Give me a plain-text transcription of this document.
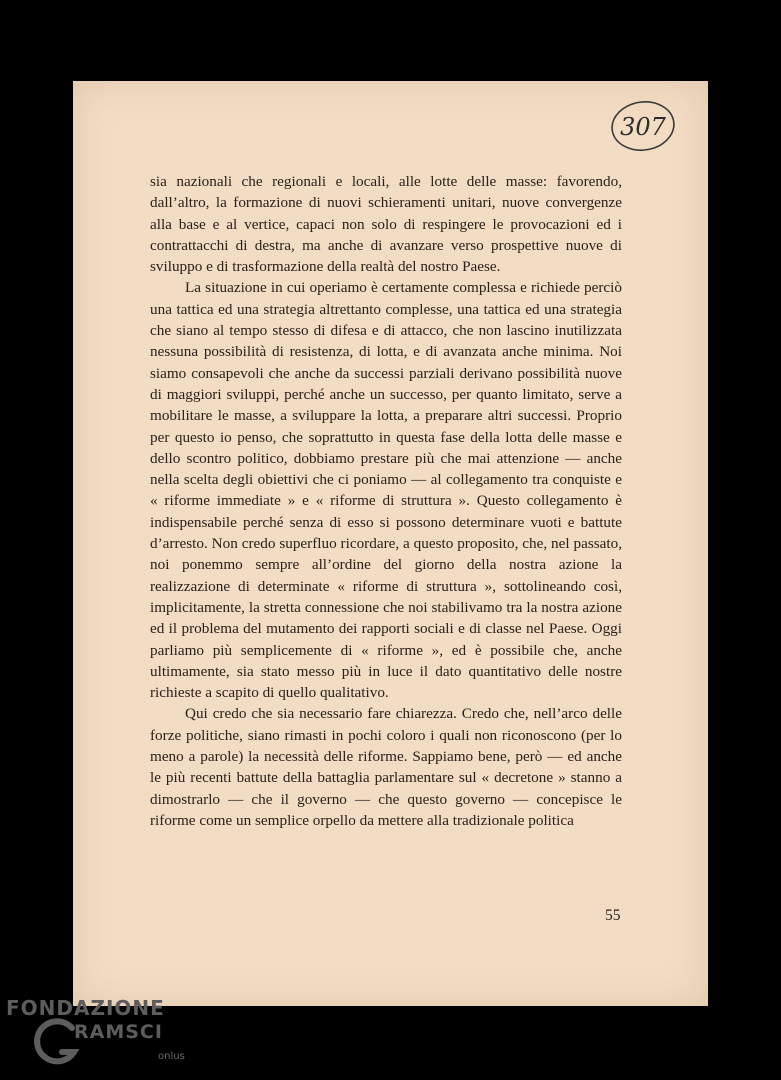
307

sia nazionali che regionali e locali, alle lotte delle masse: favorendo, dall’altro, la formazione di nuovi schieramenti unitari, nuove convergenze alla base e al vertice, capaci non solo di respingere le provocazioni ed i contrattacchi di destra, ma anche di avanzare verso prospettive nuove di sviluppo e di trasformazione della realtà del nostro Paese.

La situazione in cui operiamo è certamente complessa e richiede perciò una tattica ed una strategia altrettanto complesse, una tattica ed una strategia che siano al tempo stesso di difesa e di attacco, che non lascino inutilizzata nessuna possibilità di resistenza, di lotta, e di avanzata anche minima. Noi siamo consapevoli che anche da successi parziali derivano possibilità nuove di maggiori sviluppi, perché anche un successo, per quanto limitato, serve a mobilitare le masse, a sviluppare la lotta, a preparare altri successi. Proprio per questo io penso, che soprattutto in questa fase della lotta delle masse e dello scontro politico, dobbiamo prestare più che mai attenzione — anche nella scelta degli obiettivi che ci poniamo — al collegamento tra conquiste e « riforme immediate » e « riforme di struttura ». Questo collegamento è indispensabile perché senza di esso si possono determinare vuoti e battute d’arresto. Non credo superfluo ricordare, a questo proposito, che, nel passato, noi ponemmo sempre all’ordine del giorno della nostra azione la realizzazione di determinate « riforme di struttura », sottolineando così, implicitamente, la stretta connessione che noi stabilivamo tra la nostra azione ed il problema del mutamento dei rapporti sociali e di classe nel Paese. Oggi parliamo più semplicemente di « riforme », ed è possibile che, anche ultimamente, sia stato messo più in luce il dato quantitativo delle nostre richieste a scapito di quello qualitativo.

Qui credo che sia necessario fare chiarezza. Credo che, nell’arco delle forze politiche, siano rimasti in pochi coloro i quali non riconoscono (per lo meno a parole) la necessità delle riforme. Sappiamo bene, però — ed anche le più recenti battute della battaglia parlamentare sul « decretone » stanno a dimostrarlo — che il governo — che questo governo — concepisce le riforme come un semplice orpello da mettere alla tradizionale politica

55
FONDAZIONE
RAMSCI
onlus
